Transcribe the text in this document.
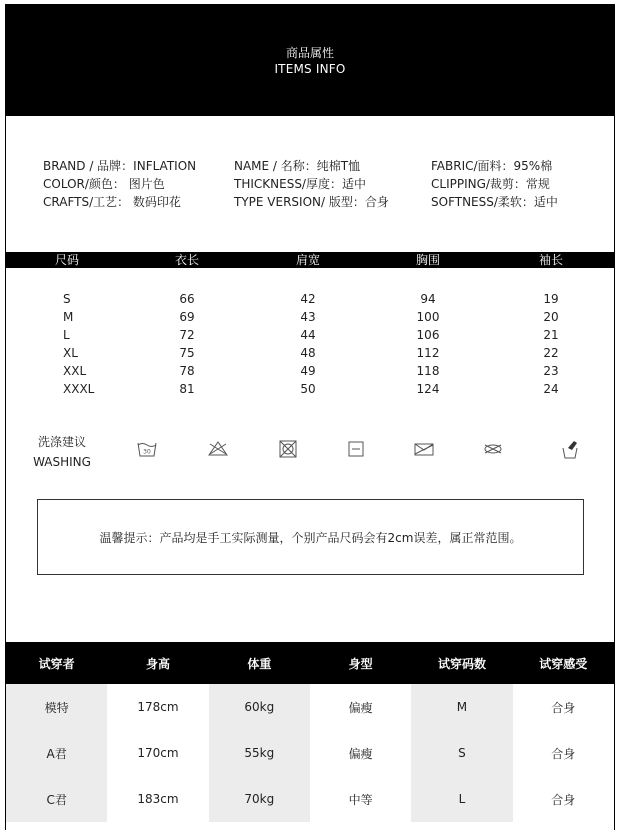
商品属性
ITEMS INFO
BRAND / 品牌：INFLATION
COLOR/颜色： 图片色
CRAFTS/工艺： 数码印花
NAME / 名称：纯棉T恤
THICKNESS/厚度：适中
TYPE VERSION/ 版型：合身
FABRIC/面料：95%棉
CLIPPING/裁剪：常规
SOFTNESS/柔软：适中
尺码	衣长	肩宽	胸围	袖长
S	66	42	94	19
M	69	43	100	20
L	72	44	106	21
XL	75	48	112	22
XXL	78	49	118	23
XXXL	81	50	124	24
洗涤建议
WASHING
30
温馨提示：产品均是手工实际测量，个别产品尺码会有2cm误差，属正常范围。
试穿者	身高	体重	身型	试穿码数	试穿感受
模特	178cm	60kg	偏瘦	M	合身
A君	170cm	55kg	偏瘦	S	合身
C君	183cm	70kg	中等	L	合身
